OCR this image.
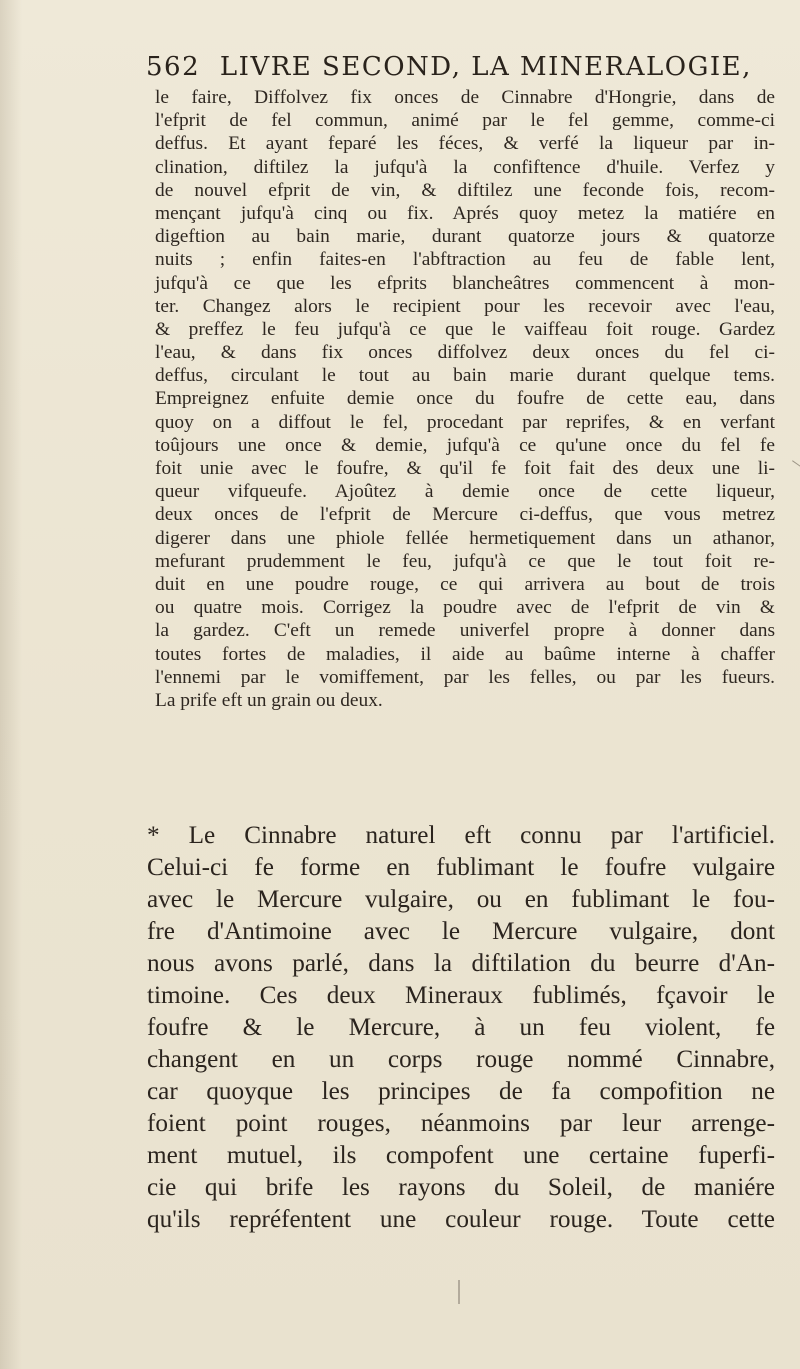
562 LIVRE SECOND, LA MINERALOGIE,
le faire, Diffolvez fix onces de Cinnabre d'Hongrie, dans de
l'efprit de fel commun, animé par le fel gemme, comme-ci
deffus. Et ayant feparé les féces, & verfé la liqueur par in-
clination, diftilez la jufqu'à la confiftence d'huile. Verfez y
de nouvel efprit de vin, & diftilez une feconde fois, recom-
mençant jufqu'à cinq ou fix. Aprés quoy metez la matiére en
digeftion au bain marie, durant quatorze jours & quatorze
nuits ; enfin faites-en l'abftraction au feu de fable lent,
jufqu'à ce que les efprits blancheâtres commencent à mon-
ter. Changez alors le recipient pour les recevoir avec l'eau,
& preffez le feu jufqu'à ce que le vaiffeau foit rouge. Gardez
l'eau, & dans fix onces diffolvez deux onces du fel ci-
deffus, circulant le tout au bain marie durant quelque tems.
Empreignez enfuite demie once du foufre de cette eau, dans
quoy on a diffout le fel, procedant par reprifes, & en verfant
toûjours une once & demie, jufqu'à ce qu'une once du fel fe
foit unie avec le foufre, & qu'il fe foit fait des deux une li-
queur vifqueufe. Ajoûtez à demie once de cette liqueur,
deux onces de l'efprit de Mercure ci-deffus, que vous metrez
digerer dans une phiole fellée hermetiquement dans un athanor,
mefurant prudemment le feu, jufqu'à ce que le tout foit re-
duit en une poudre rouge, ce qui arrivera au bout de trois
ou quatre mois. Corrigez la poudre avec de l'efprit de vin &
la gardez. C'eft un remede univerfel propre à donner dans
toutes fortes de maladies, il aide au baûme interne à chaffer
l'ennemi par le vomiffement, par les felles, ou par les fueurs.
La prife eft un grain ou deux.
* Le Cinnabre naturel eft connu par l'artificiel.
Celui-ci fe forme en fublimant le foufre vulgaire
avec le Mercure vulgaire, ou en fublimant le fou-
fre d'Antimoine avec le Mercure vulgaire, dont
nous avons parlé, dans la diftilation du beurre d'An-
timoine. Ces deux Mineraux fublimés, fçavoir le
foufre & le Mercure, à un feu violent, fe
changent en un corps rouge nommé Cinnabre,
car quoyque les principes de fa compofition ne
foient point rouges, néanmoins par leur arrenge-
ment mutuel, ils compofent une certaine fuperfi-
cie qui brife les rayons du Soleil, de maniére
qu'ils repréfentent une couleur rouge. Toute cette
